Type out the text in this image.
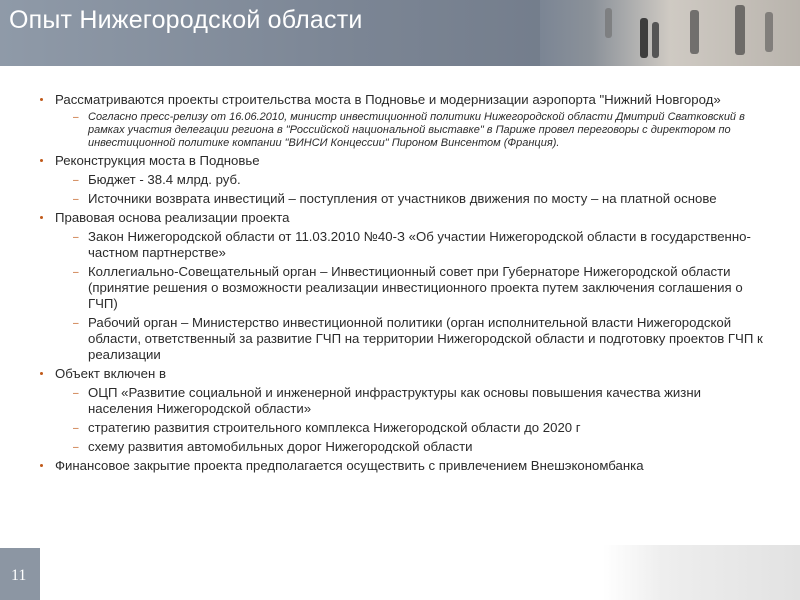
Опыт Нижегородской области
Рассматриваются проекты строительства моста в Подновье и модернизации аэропорта "Нижний Новгород»
– Согласно пресс-релизу от 16.06.2010, министр инвестиционной политики Нижегородской области Дмитрий Сватковский в рамках участия делегации региона в "Российской национальной выставке" в Париже провел переговоры с директором по инвестиционной политике компании "ВИНСИ Концессии" Пироном Винсентом (Франция).
Реконструкция моста в Подновье
– Бюджет - 38.4 млрд. руб.
– Источники возврата инвестиций – поступления от участников движения по мосту – на платной основе
Правовая основа реализации проекта
– Закон Нижегородской области от 11.03.2010 №40-З «Об участии Нижегородской области в государственно-частном партнерстве»
– Коллегиально-Совещательный орган – Инвестиционный совет при Губернаторе Нижегородской области (принятие решения о возможности реализации инвестиционного проекта путем заключения соглашения о ГЧП)
– Рабочий орган – Министерство инвестиционной политики (орган исполнительной власти Нижегородской области, ответственный за развитие ГЧП на территории Нижегородской области и подготовку проектов ГЧП к реализации
Объект включен в
– ОЦП «Развитие социальной и инженерной инфраструктуры как основы повышения качества жизни населения Нижегородской области»
– стратегию развития строительного комплекса Нижегородской области до 2020 г
– схему развития автомобильных дорог Нижегородской области
Финансовое закрытие проекта предполагается осуществить с привлечением Внешэкономбанка
11
